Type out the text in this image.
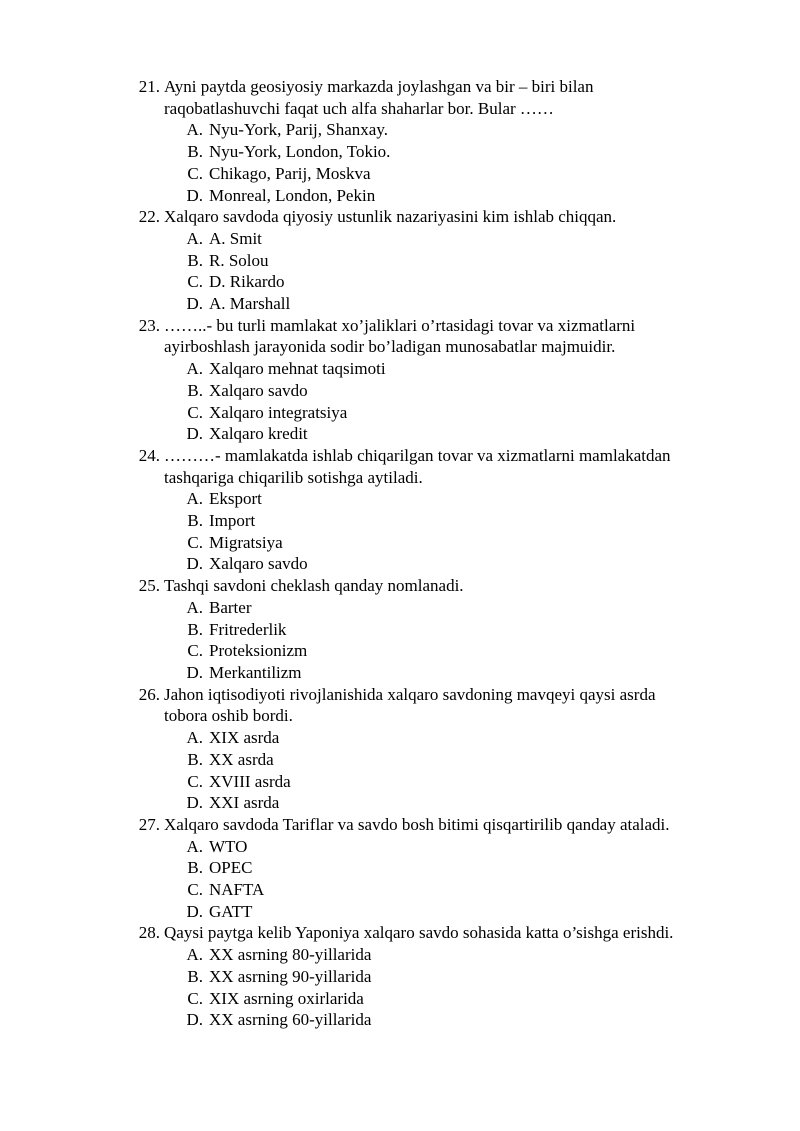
21. Ayni paytda geosiyosiy markazda joylashgan va bir – biri bilan
raqobatlashuvchi faqat uch alfa shaharlar bor. Bular ……
A. Nyu-York, Parij, Shanxay.
B. Nyu-York, London, Tokio.
C. Chikago, Parij, Moskva
D. Monreal, London, Pekin
22. Xalqaro savdoda qiyosiy ustunlik nazariyasini kim ishlab chiqqan.
A. A. Smit
B. R. Solou
C. D. Rikardo
D. A. Marshall
23. ……..- bu turli mamlakat xo’jaliklari o’rtasidagi tovar va xizmatlarni
ayirboshlash jarayonida sodir bo’ladigan munosabatlar majmuidir.
A. Xalqaro mehnat taqsimoti
B. Xalqaro savdo
C. Xalqaro integratsiya
D. Xalqaro kredit
24. ………- mamlakatda ishlab chiqarilgan tovar va xizmatlarni mamlakatdan
tashqariga chiqarilib sotishga aytiladi.
A. Eksport
B. Import
C. Migratsiya
D. Xalqaro savdo
25. Tashqi savdoni cheklash qanday nomlanadi.
A. Barter
B. Fritrederlik
C. Proteksionizm
D. Merkantilizm
26. Jahon iqtisodiyoti rivojlanishida xalqaro savdoning mavqeyi qaysi asrda
tobora oshib bordi.
A. XIX asrda
B. XX asrda
C. XVIII asrda
D. XXI asrda
27. Xalqaro savdoda Tariflar va savdo bosh bitimi qisqartirilib qanday ataladi.
A. WTO
B. OPEC
C. NAFTA
D. GATT
28. Qaysi paytga kelib Yaponiya xalqaro savdo sohasida katta o’sishga erishdi.
A. XX asrning 80-yillarida
B. XX asrning 90-yillarida
C. XIX asrning oxirlarida
D. XX asrning 60-yillarida
